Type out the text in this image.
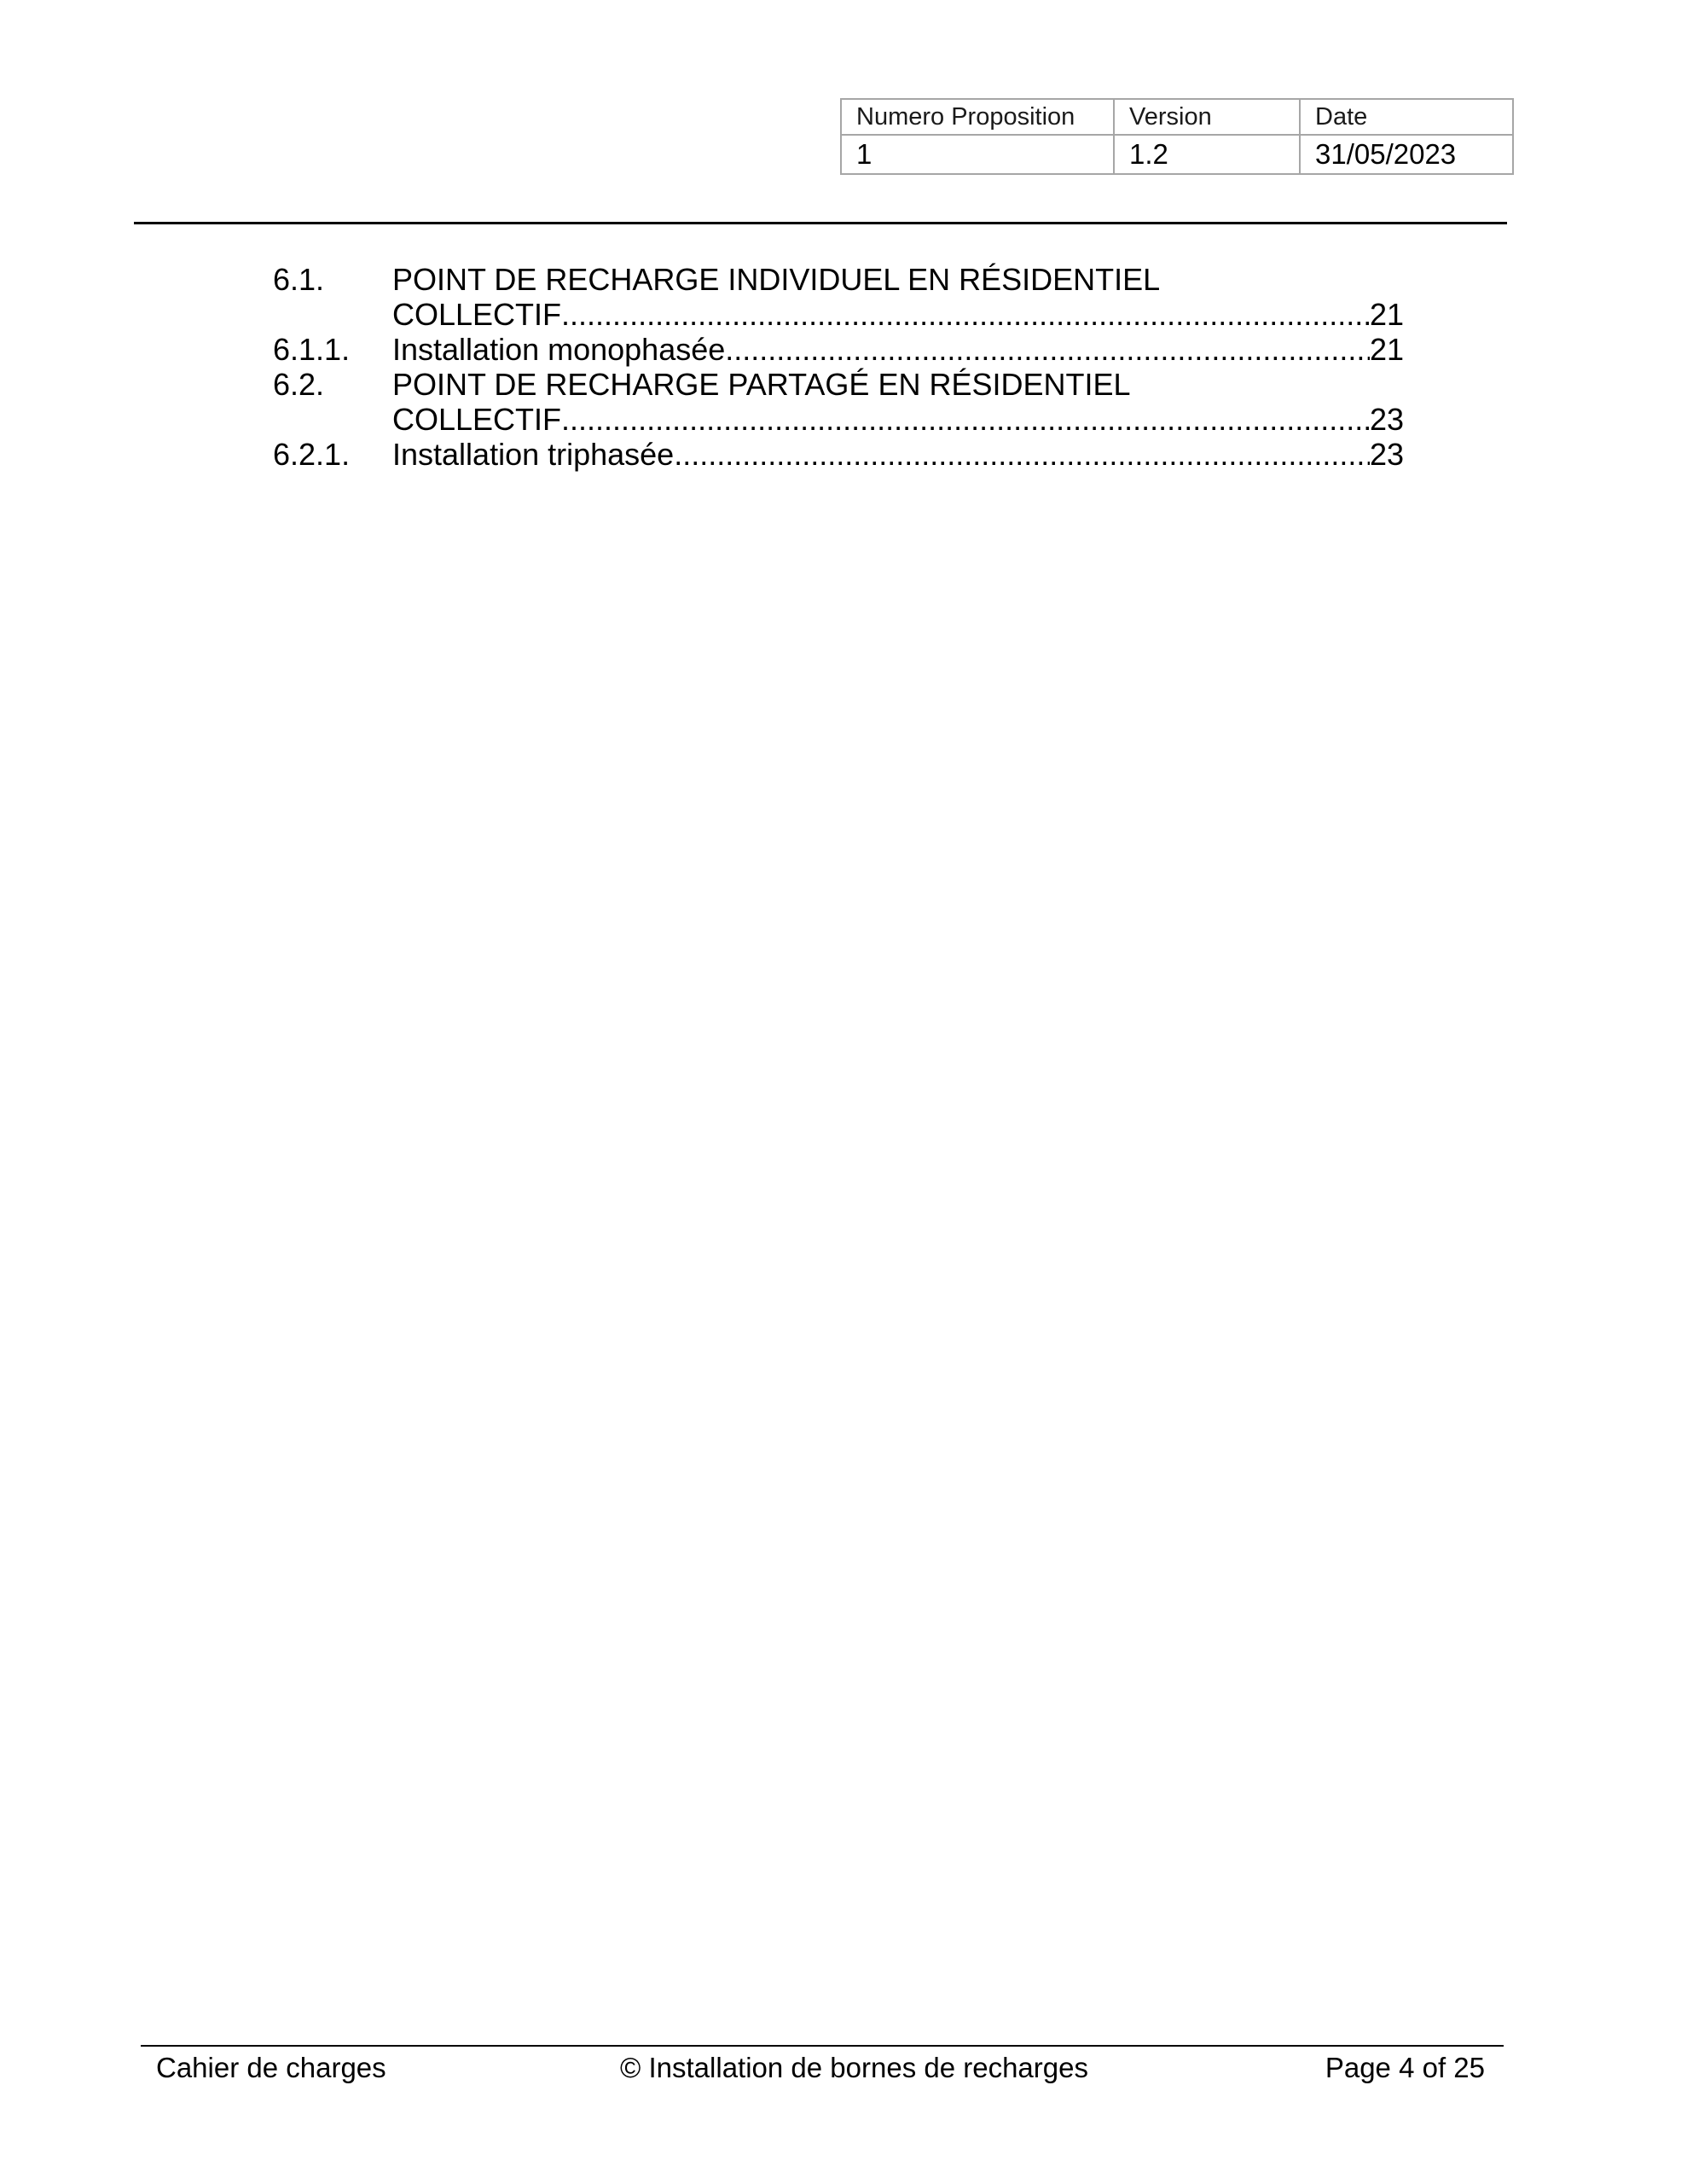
Numero Proposition	Version	Date
1	1.2	31/05/2023
6.1.	POINT DE RECHARGE INDIVIDUEL EN RÉSIDENTIEL
COLLECTIF .....	21
6.1.1.	Installation monophasée .....	21
6.2.	POINT DE RECHARGE PARTAGÉ EN RÉSIDENTIEL
COLLECTIF .....	23
6.2.1.	Installation triphasée .....	23
Cahier de charges	© Installation de bornes de recharges	Page 4 of 25
